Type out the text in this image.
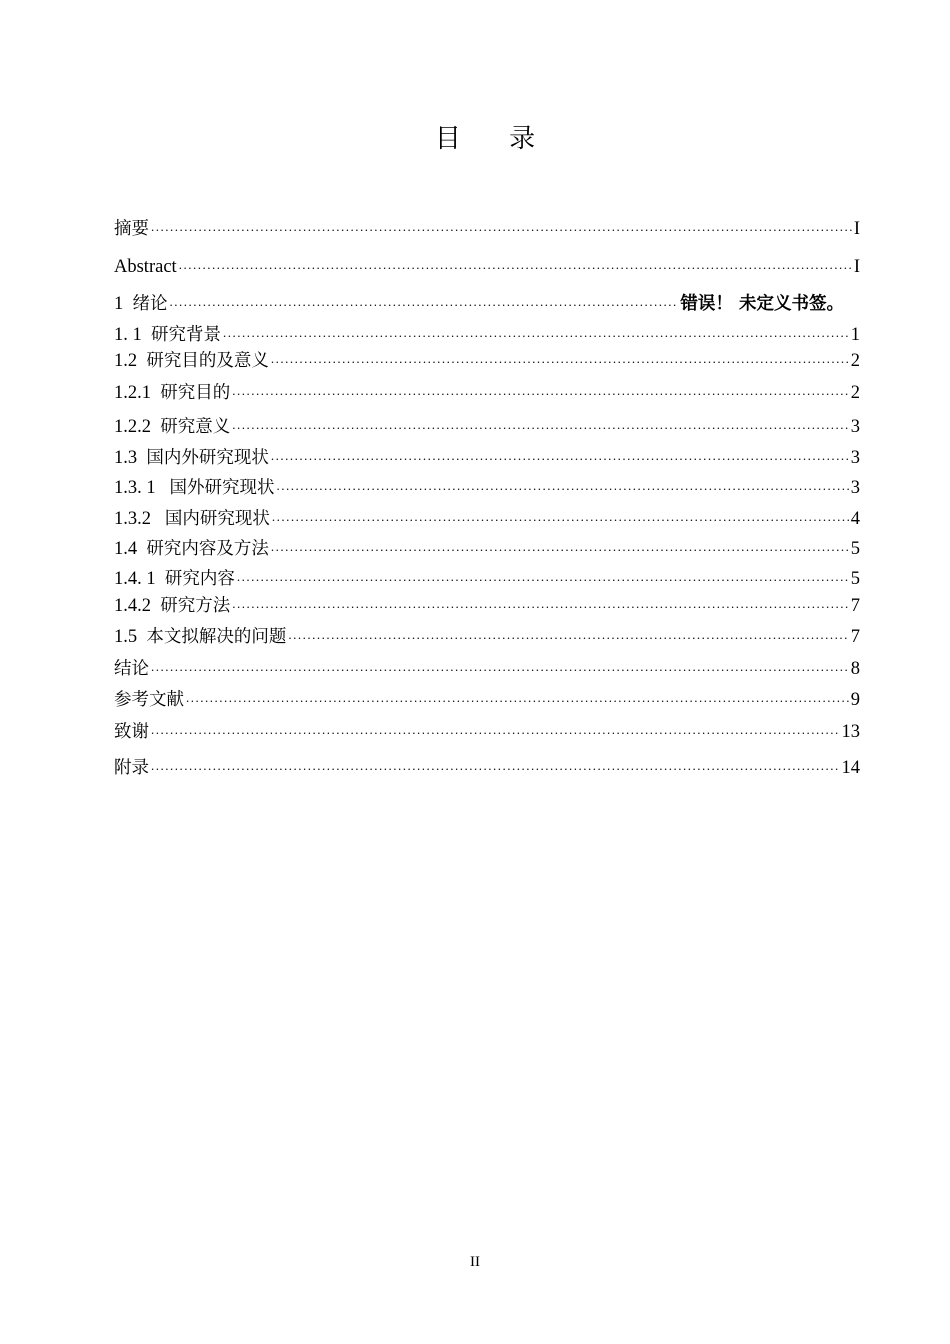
目 录
摘要 .....	I
Abstract .....	I
1 绪论 .....	错误！ 未定义书签。
1. 1 研究背景 .....	1
1.2 研究目的及意义 .....	2
1.2.1 研究目的 .....	2
1.2.2 研究意义 .....	3
1.3 国内外研究现状 .....	3
1.3. 1 国外研究现状 .....	3
1.3.2 国内研究现状 .....	4
1.4 研究内容及方法 .....	5
1.4. 1 研究内容 .....	5
1.4.2 研究方法 .....	7
1.5 本文拟解决的问题 .....	7
结论 .....	8
参考文献 .....	9
致谢 .....	13
附录 .....	14
II
